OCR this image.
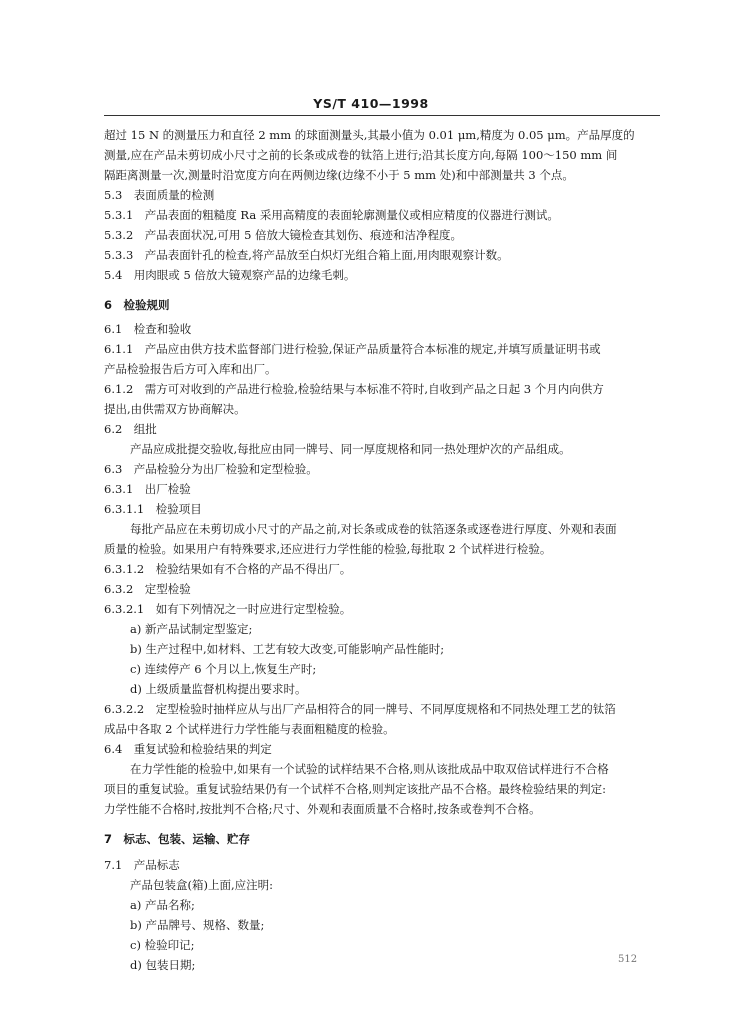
YS/T 410—1998
超过 15 N 的测量压力和直径 2 mm 的球面测量头,其最小值为 0.01 μm,精度为 0.05 μm。产品厚度的
测量,应在产品未剪切成小尺寸之前的长条或成卷的钛箔上进行;沿其长度方向,每隔 100～150 mm 间
隔距离测量一次,测量时沿宽度方向在两侧边缘(边缘不小于 5 mm 处)和中部测量共 3 个点。
5.3　表面质量的检测
5.3.1　产品表面的粗糙度 Ra 采用高精度的表面轮廓测量仪或相应精度的仪器进行测试。
5.3.2　产品表面状况,可用 5 倍放大镜检查其划伤、痕迹和洁净程度。
5.3.3　产品表面针孔的检查,将产品放至白炽灯光组合箱上面,用肉眼观察计数。
5.4　用肉眼或 5 倍放大镜观察产品的边缘毛刺。
6　检验规则
6.1　检查和验收
6.1.1　产品应由供方技术监督部门进行检验,保证产品质量符合本标准的规定,并填写质量证明书或
产品检验报告后方可入库和出厂。
6.1.2　需方可对收到的产品进行检验,检验结果与本标准不符时,自收到产品之日起 3 个月内向供方
提出,由供需双方协商解决。
6.2　组批
产品应成批提交验收,每批应由同一牌号、同一厚度规格和同一热处理炉次的产品组成。
6.3　产品检验分为出厂检验和定型检验。
6.3.1　出厂检验
6.3.1.1　检验项目
每批产品应在未剪切成小尺寸的产品之前,对长条或成卷的钛箔逐条或逐卷进行厚度、外观和表面
质量的检验。如果用户有特殊要求,还应进行力学性能的检验,每批取 2 个试样进行检验。
6.3.1.2　检验结果如有不合格的产品不得出厂。
6.3.2　定型检验
6.3.2.1　如有下列情况之一时应进行定型检验。
a) 新产品试制定型鉴定;
b) 生产过程中,如材料、工艺有较大改变,可能影响产品性能时;
c) 连续停产 6 个月以上,恢复生产时;
d) 上级质量监督机构提出要求时。
6.3.2.2　定型检验时抽样应从与出厂产品相符合的同一牌号、不同厚度规格和不同热处理工艺的钛箔
成品中各取 2 个试样进行力学性能与表面粗糙度的检验。
6.4　重复试验和检验结果的判定
在力学性能的检验中,如果有一个试验的试样结果不合格,则从该批成品中取双倍试样进行不合格
项目的重复试验。重复试验结果仍有一个试样不合格,则判定该批产品不合格。最终检验结果的判定:
力学性能不合格时,按批判不合格;尺寸、外观和表面质量不合格时,按条或卷判不合格。
7　标志、包装、运输、贮存
7.1　产品标志
产品包装盒(箱)上面,应注明:
a) 产品名称;
b) 产品牌号、规格、数量;
c) 检验印记;
d) 包装日期;	512
